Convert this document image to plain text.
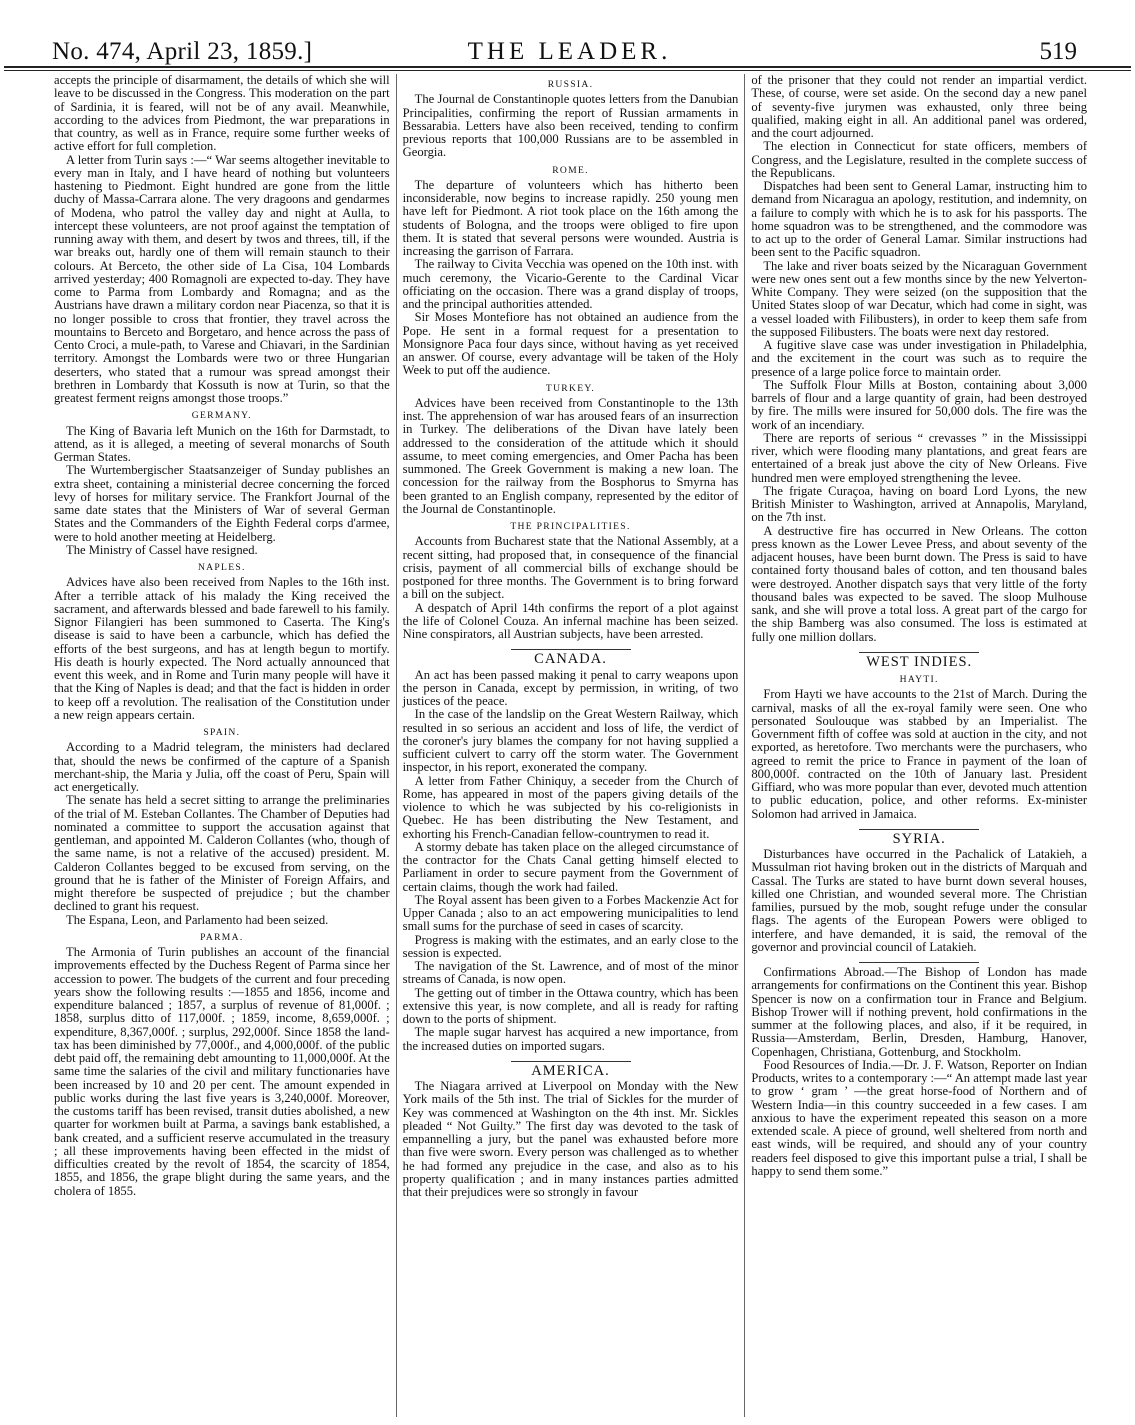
No. 474, April 23, 1859.]	THE LEADER.	519

accepts the principle of disarmament, the details of which she will leave to be discussed in the Congress. This moderation on the part of Sardinia, it is feared, will not be of any avail. Meanwhile, according to the advices from Piedmont, the war preparations in that country, as well as in France, require some further weeks of active effort for full completion.

A letter from Turin says :—“ War seems altogether inevitable to every man in Italy, and I have heard of nothing but volunteers hastening to Piedmont. Eight hundred are gone from the little duchy of Massa-Carrara alone. The very dragoons and gendarmes of Modena, who patrol the valley day and night at Aulla, to intercept these volunteers, are not proof against the temptation of running away with them, and desert by twos and threes, till, if the war breaks out, hardly one of them will remain staunch to their colours. At Berceto, the other side of La Cisa, 104 Lombards arrived yesterday; 400 Romagnoli are expected to-day. They have come to Parma from Lombardy and Romagna; and as the Austrians have drawn a military cordon near Piacenza, so that it is no longer possible to cross that frontier, they travel across the mountains to Berceto and Borgetaro, and hence across the pass of Cento Croci, a mule-path, to Varese and Chiavari, in the Sardinian territory. Amongst the Lombards were two or three Hungarian deserters, who stated that a rumour was spread amongst their brethren in Lombardy that Kossuth is now at Turin, so that the greatest ferment reigns amongst those troops.”

GERMANY.

The King of Bavaria left Munich on the 16th for Darmstadt, to attend, as it is alleged, a meeting of several monarchs of South German States.

The Wurtembergischer Staatsanzeiger of Sunday publishes an extra sheet, containing a ministerial decree concerning the forced levy of horses for military service. The Frankfort Journal of the same date states that the Ministers of War of several German States and the Commanders of the Eighth Federal corps d'armee, were to hold another meeting at Heidelberg.

The Ministry of Cassel have resigned.

NAPLES.

Advices have also been received from Naples to the 16th inst. After a terrible attack of his malady the King received the sacrament, and afterwards blessed and bade farewell to his family. Signor Filangieri has been summoned to Caserta. The King's disease is said to have been a carbuncle, which has defied the efforts of the best surgeons, and has at length begun to mortify. His death is hourly expected. The Nord actually announced that event this week, and in Rome and Turin many people will have it that the King of Naples is dead; and that the fact is hidden in order to keep off a revolution. The realisation of the Constitution under a new reign appears certain.

SPAIN.

According to a Madrid telegram, the ministers had declared that, should the news be confirmed of the capture of a Spanish merchant-ship, the Maria y Julia, off the coast of Peru, Spain will act energetically.

The senate has held a secret sitting to arrange the preliminaries of the trial of M. Esteban Collantes. The Chamber of Deputies had nominated a committee to support the accusation against that gentleman, and appointed M. Calderon Collantes (who, though of the same name, is not a relative of the accused) president. M. Calderon Collantes begged to be excused from serving, on the ground that he is father of the Minister of Foreign Affairs, and might therefore be suspected of prejudice ; but the chamber declined to grant his request.

The Espana, Leon, and Parlamento had been seized.

PARMA.

The Armonia of Turin publishes an account of the financial improvements effected by the Duchess Regent of Parma since her accession to power. The budgets of the current and four preceding years show the following results :—1855 and 1856, income and expenditure balanced ; 1857, a surplus of revenue of 81,000f. ; 1858, surplus ditto of 117,000f. ; 1859, income, 8,659,000f. ; expenditure, 8,367,000f. ; surplus, 292,000f. Since 1858 the land-tax has been diminished by 77,000f., and 4,000,000f. of the public debt paid off, the remaining debt amounting to 11,000,000f. At the same time the salaries of the civil and military functionaries have been increased by 10 and 20 per cent. The amount expended in public works during the last five years is 3,240,000f. Moreover, the customs tariff has been revised, transit duties abolished, a new quarter for workmen built at Parma, a savings bank established, a bank created, and a sufficient reserve accumulated in the treasury ; all these improvements having been effected in the midst of difficulties created by the revolt of 1854, the scarcity of 1854, 1855, and 1856, the grape blight during the same years, and the cholera of 1855.

RUSSIA.

The Journal de Constantinople quotes letters from the Danubian Principalities, confirming the report of Russian armaments in Bessarabia. Letters have also been received, tending to confirm previous reports that 100,000 Russians are to be assembled in Georgia.

ROME.

The departure of volunteers which has hitherto been inconsiderable, now begins to increase rapidly. 250 young men have left for Piedmont. A riot took place on the 16th among the students of Bologna, and the troops were obliged to fire upon them. It is stated that several persons were wounded. Austria is increasing the garrison of Farrara.

The railway to Civita Vecchia was opened on the 10th inst. with much ceremony, the Vicario-Gerente to the Cardinal Vicar officiating on the occasion. There was a grand display of troops, and the principal authorities attended.

Sir Moses Montefiore has not obtained an audience from the Pope. He sent in a formal request for a presentation to Monsignore Paca four days since, without having as yet received an answer. Of course, every advantage will be taken of the Holy Week to put off the audience.

TURKEY.

Advices have been received from Constantinople to the 13th inst. The apprehension of war has aroused fears of an insurrection in Turkey. The deliberations of the Divan have lately been addressed to the consideration of the attitude which it should assume, to meet coming emergencies, and Omer Pacha has been summoned. The Greek Government is making a new loan. The concession for the railway from the Bosphorus to Smyrna has been granted to an English company, represented by the editor of the Journal de Constantinople.

THE PRINCIPALITIES.

Accounts from Bucharest state that the National Assembly, at a recent sitting, had proposed that, in consequence of the financial crisis, payment of all commercial bills of exchange should be postponed for three months. The Government is to bring forward a bill on the subject.

A despatch of April 14th confirms the report of a plot against the life of Colonel Couza. An infernal machine has been seized. Nine conspirators, all Austrian subjects, have been arrested.

CANADA.

An act has been passed making it penal to carry weapons upon the person in Canada, except by permission, in writing, of two justices of the peace.

In the case of the landslip on the Great Western Railway, which resulted in so serious an accident and loss of life, the verdict of the coroner's jury blames the company for not having supplied a sufficient culvert to carry off the storm water. The Government inspector, in his report, exonerated the company.

A letter from Father Chiniquy, a seceder from the Church of Rome, has appeared in most of the papers giving details of the violence to which he was subjected by his co-religionists in Quebec. He has been distributing the New Testament, and exhorting his French-Canadian fellow-countrymen to read it.

A stormy debate has taken place on the alleged circumstance of the contractor for the Chats Canal getting himself elected to Parliament in order to secure payment from the Government of certain claims, though the work had failed.

The Royal assent has been given to a Forbes Mackenzie Act for Upper Canada ; also to an act empowering municipalities to lend small sums for the purchase of seed in cases of scarcity.

Progress is making with the estimates, and an early close to the session is expected.

The navigation of the St. Lawrence, and of most of the minor streams of Canada, is now open.

The getting out of timber in the Ottawa country, which has been extensive this year, is now complete, and all is ready for rafting down to the ports of shipment.

The maple sugar harvest has acquired a new importance, from the increased duties on imported sugars.

AMERICA.

The Niagara arrived at Liverpool on Monday with the New York mails of the 5th inst. The trial of Sickles for the murder of Key was commenced at Washington on the 4th inst. Mr. Sickles pleaded “ Not Guilty.” The first day was devoted to the task of empannelling a jury, but the panel was exhausted before more than five were sworn. Every person was challenged as to whether he had formed any prejudice in the case, and also as to his property qualification ; and in many instances parties admitted that their prejudices were so strongly in favour

of the prisoner that they could not render an impartial verdict. These, of course, were set aside. On the second day a new panel of seventy-five jurymen was exhausted, only three being qualified, making eight in all. An additional panel was ordered, and the court adjourned.

The election in Connecticut for state officers, members of Congress, and the Legislature, resulted in the complete success of the Republicans.

Dispatches had been sent to General Lamar, instructing him to demand from Nicaragua an apology, restitution, and indemnity, on a failure to comply with which he is to ask for his passports. The home squadron was to be strengthened, and the commodore was to act up to the order of General Lamar. Similar instructions had been sent to the Pacific squadron.

The lake and river boats seized by the Nicaraguan Government were new ones sent out a few months since by the new Yelverton-White Company. They were seized (on the supposition that the United States sloop of war Decatur, which had come in sight, was a vessel loaded with Filibusters), in order to keep them safe from the supposed Filibusters. The boats were next day restored.

A fugitive slave case was under investigation in Philadelphia, and the excitement in the court was such as to require the presence of a large police force to maintain order.

The Suffolk Flour Mills at Boston, containing about 3,000 barrels of flour and a large quantity of grain, had been destroyed by fire. The mills were insured for 50,000 dols. The fire was the work of an incendiary.

There are reports of serious “ crevasses ” in the Mississippi river, which were flooding many plantations, and great fears are entertained of a break just above the city of New Orleans. Five hundred men were employed strengthening the levee.

The frigate Curaçoa, having on board Lord Lyons, the new British Minister to Washington, arrived at Annapolis, Maryland, on the 7th inst.

A destructive fire has occurred in New Orleans. The cotton press known as the Lower Levee Press, and about seventy of the adjacent houses, have been burnt down. The Press is said to have contained forty thousand bales of cotton, and ten thousand bales were destroyed. Another dispatch says that very little of the forty thousand bales was expected to be saved. The sloop Mulhouse sank, and she will prove a total loss. A great part of the cargo for the ship Bamberg was also consumed. The loss is estimated at fully one million dollars.

WEST INDIES.
HAYTI.

From Hayti we have accounts to the 21st of March. During the carnival, masks of all the ex-royal family were seen. One who personated Soulouque was stabbed by an Imperialist. The Government fifth of coffee was sold at auction in the city, and not exported, as heretofore. Two merchants were the purchasers, who agreed to remit the price to France in payment of the loan of 800,000f. contracted on the 10th of January last. President Giffiard, who was more popular than ever, devoted much attention to public education, police, and other reforms. Ex-minister Solomon had arrived in Jamaica.

SYRIA.

Disturbances have occurred in the Pachalick of Latakieh, a Mussulman riot having broken out in the districts of Marquah and Cassal. The Turks are stated to have burnt down several houses, killed one Christian, and wounded several more. The Christian families, pursued by the mob, sought refuge under the consular flags. The agents of the European Powers were obliged to interfere, and have demanded, it is said, the removal of the governor and provincial council of Latakieh.

Confirmations Abroad.—The Bishop of London has made arrangements for confirmations on the Continent this year. Bishop Spencer is now on a confirmation tour in France and Belgium. Bishop Trower will if nothing prevent, hold confirmations in the summer at the following places, and also, if it be required, in Russia—Amsterdam, Berlin, Dresden, Hamburg, Hanover, Copenhagen, Christiana, Gottenburg, and Stockholm.

Food Resources of India.—Dr. J. F. Watson, Reporter on Indian Products, writes to a contemporary :—“ An attempt made last year to grow ‘ gram ’ —the great horse-food of Northern and of Western India—in this country succeeded in a few cases. I am anxious to have the experiment repeated this season on a more extended scale. A piece of ground, well sheltered from north and east winds, will be required, and should any of your country readers feel disposed to give this important pulse a trial, I shall be happy to send them some.”
